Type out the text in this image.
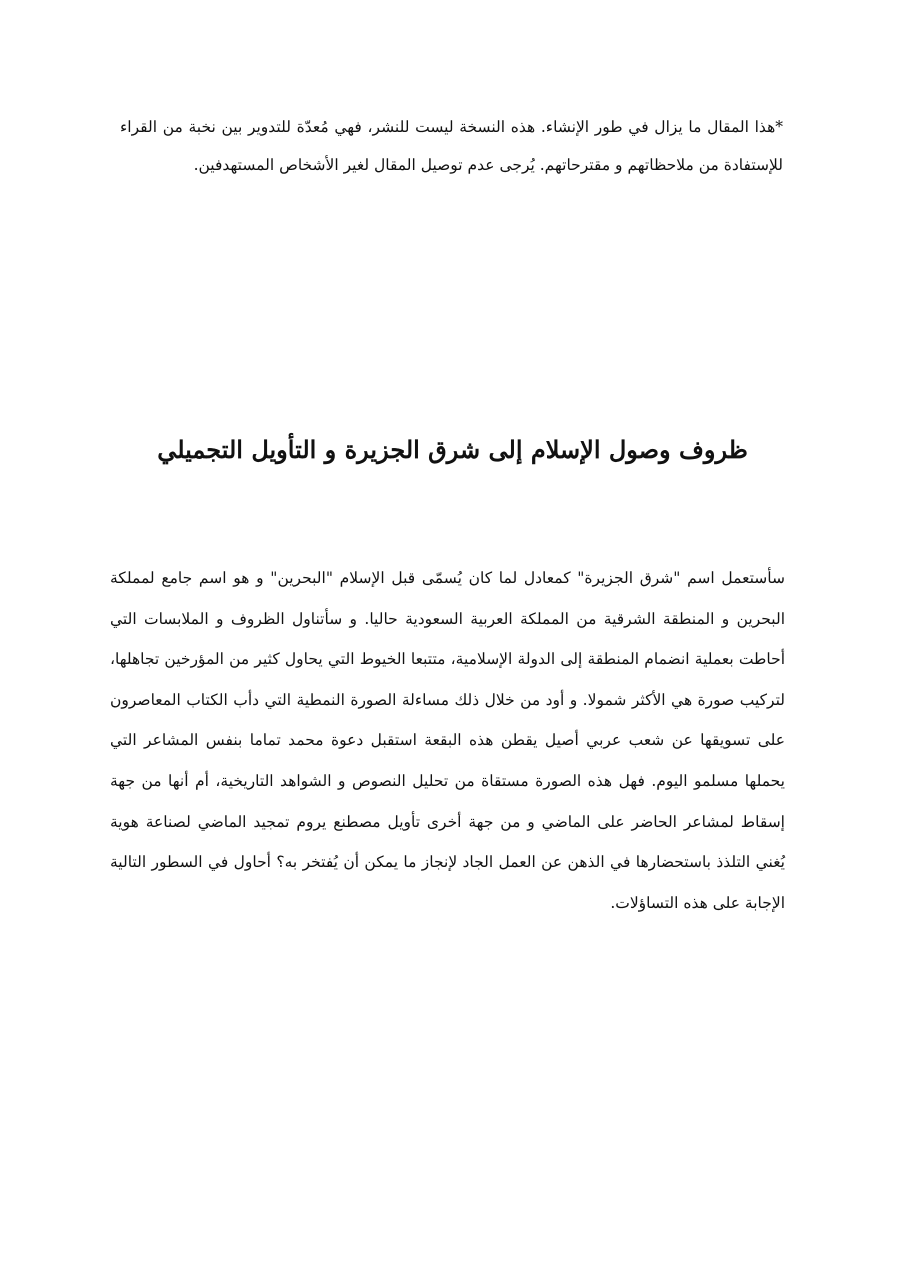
*هذا المقال ما يزال في طور الإنشاء. هذه النسخة ليست للنشر، فهي مُعدّة للتدوير بين نخبة من القراء للإستفادة من ملاحظاتهم و مقترحاتهم. يُرجى عدم توصيل المقال لغير الأشخاص المستهدفين.

ظروف وصول الإسلام إلى شرق الجزيرة و التأويل التجميلي

سأستعمل اسم "شرق الجزيرة" كمعادل لما كان يُسمّى قبل الإسلام "البحرين" و هو اسم جامع لمملكة البحرين و المنطقة الشرقية من المملكة العربية السعودية حاليا. و سأتناول الظروف و الملابسات التي أحاطت بعملية انضمام المنطقة إلى الدولة الإسلامية، متتبعا الخيوط التي يحاول كثير من المؤرخين تجاهلها، لتركيب صورة هي الأكثر شمولا. و أود من خلال ذلك مساءلة الصورة النمطية التي دأب الكتاب المعاصرون على تسويقها عن شعب عربي أصيل يقطن هذه البقعة استقبل دعوة محمد تماما بنفس المشاعر التي يحملها مسلمو اليوم. فهل هذه الصورة مستقاة من تحليل النصوص و الشواهد التاريخية، أم أنها من جهة إسقاط لمشاعر الحاضر على الماضي و من جهة أخرى تأويل مصطنع يروم تمجيد الماضي لصناعة هوية يُغني التلذذ باستحضارها في الذهن عن العمل الجاد لإنجاز ما يمكن أن يُفتخر به؟ أحاول في السطور التالية الإجابة على هذه التساؤلات.
